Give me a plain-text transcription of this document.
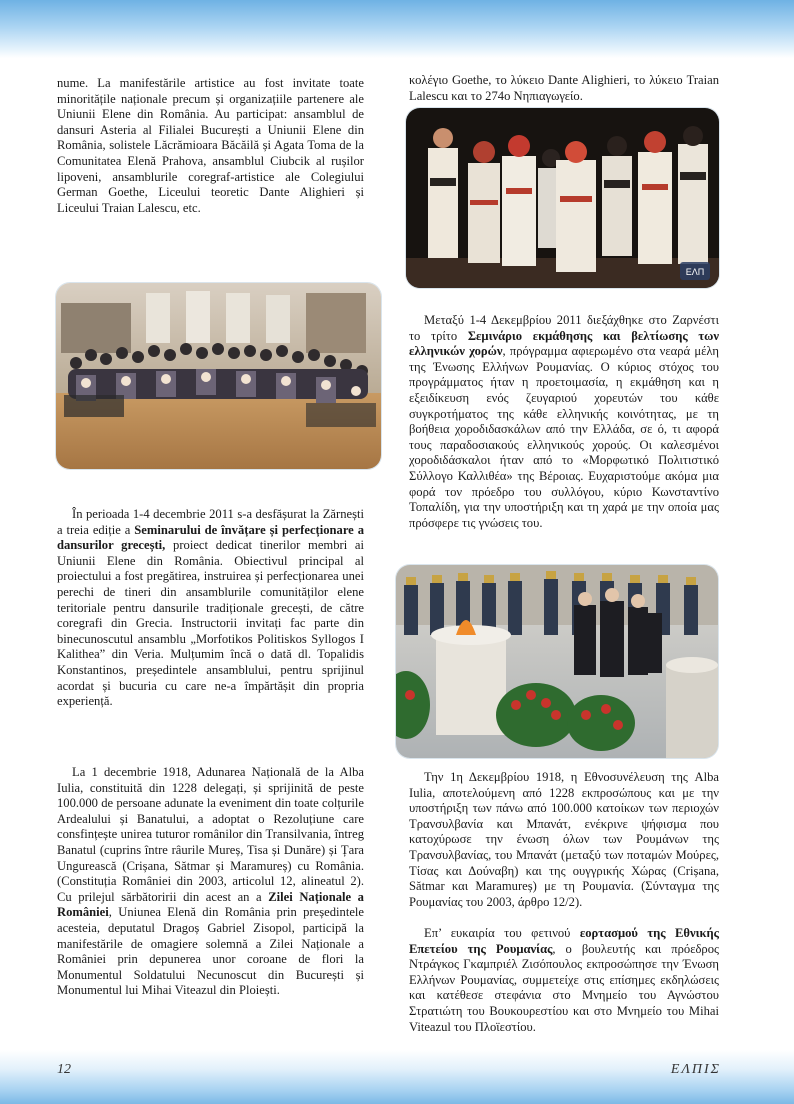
nume. La manifestările artistice au fost invitate toate minoritățile naționale precum și organizațiile partenere ale Uniunii Elene din România. Au participat: ansamblul de dansuri Asteria al Filialei București a Uniunii Elene din România, solistele Lăcrămioara Băcăilă și Agata Toma de la Comunitatea Elenă Prahova, ansamblul Ciubcik al rușilor lipoveni, ansamblurile coregraf-artistice ale Colegiului German Goethe, Liceului teoretic Dante Alighieri și Liceului Traian Lalescu, etc.

În perioada 1-4 decembrie 2011 s-a desfășurat la Zărnești a treia ediție a Seminarului de învățare și perfecționare a dansurilor grecești, proiect dedicat tinerilor membri ai Uniunii Elene din România. Obiectivul principal al proiectului a fost pregătirea, instruirea și perfecționarea unei perechi de tineri din ansamblurile comunităților elene teritoriale pentru dansurile tradiționale grecești, de către coregrafi din Grecia. Instructorii invitați fac parte din binecunoscutul ansamblu „Morfotikos Politiskos Syllogos I Kalithea” din Veria. Mulțumim încă o dată dl. Topalidis Konstantinos, președintele ansamblului, pentru sprijinul acordat și bucuria cu care ne-a împărtășit din propria experiență.

La 1 decembrie 1918, Adunarea Națională de la Alba Iulia, constituită din 1228 delegați, și sprijinită de peste 100.000 de persoane adunate la eveniment din toate colțurile Ardealului și Banatului, a adoptat o Rezoluțiune care consfințește unirea tuturor românilor din Transilvania, întreg Banatul (cuprins între râurile Mureș, Tisa și Dunăre) și Țara Ungurească (Crișana, Sătmar și Maramureș) cu România. (Constituția României din 2003, articolul 12, alineatul 2). Cu prilejul sărbătoririi din acest an a Zilei Naționale a României, Uniunea Elenă din România prin președintele acesteia, deputatul Dragoș Gabriel Zisopol, participă la manifestările de omagiere solemnă a Zilei Naționale a României prin depunerea unor coroane de flori la Monumentul Soldatului Necunoscut din București și Monumentul lui Mihai Viteazul din Ploiești.

κολέγιο Goethe, το λύκειο Dante Alighieri, το λύκειο Traian Lalescu και το 274ο Νηπιαγωγείο.

ΕΛΠ

Μεταξύ 1-4 Δεκεμβρίου 2011 διεξάχθηκε στο Ζαρνέστι το τρίτο Σεμινάριο εκμάθησης και βελτίωσης των ελληνικών χορών, πρόγραμμα αφιερωμένο στα νεαρά μέλη της Ένωσης Ελλήνων Ρουμανίας. Ο κύριος στόχος του προγράμματος ήταν η προετοιμασία, η εκμάθηση και η εξειδίκευση ενός ζευγαριού χορευτών του κάθε συγκροτήματος της κάθε ελληνικής κοινότητας, με τη βοήθεια χοροδιδασκάλων από την Ελλάδα, σε ό, τι αφορά τους παραδοσιακούς ελληνικούς χορούς. Οι καλεσμένοι χοροδιδάσκαλοι ήταν από το «Μορφωτικό Πολιτιστικό Σύλλογο Καλλιθέα» της Βέροιας. Ευχαριστούμε ακόμα μια φορά τον πρόεδρο του συλλόγου, κύριο Κωνσταντίνο Τοπαλίδη, για την υποστήριξη και τη χαρά με την οποία μας πρόσφερε τις γνώσεις του.

Την 1η Δεκεμβρίου 1918, η Εθνοσυνέλευση της Alba Iulia, αποτελούμενη από 1228 εκπροσώπους και με την υποστήριξη των πάνω από 100.000 κατοίκων των περιοχών Τρανσυλβανία και Μπανάτ, ενέκρινε ψήφισμα που κατοχύρωσε την ένωση όλων των Ρουμάνων της Τρανσυλβανίας, του Μπανάτ (μεταξύ των ποταμών Μούρες, Τίσας και Δούναβη) και της ουγγρικής Χώρας (Crișana, Sătmar και Maramureș) με τη Ρουμανία. (Σύνταγμα της Ρουμανίας του 2003, άρθρο 12/2).

Επ’ ευκαιρία του φετινού εορτασμού της Εθνικής Επετείου της Ρουμανίας, ο βουλευτής και πρόεδρος Ντράγκος Γκαμπριέλ Ζισόπουλος εκπροσώπησε την Ένωση Ελλήνων Ρουμανίας, συμμετείχε στις επίσημες εκδηλώσεις και κατέθεσε στεφάνια στο Μνημείο του Αγνώστου Στρατιώτη του Βουκουρεστίου και στο Μνημείο του Mihai Viteazul του Πλοϊεστίου.

12	ΕΛΠΙΣ
